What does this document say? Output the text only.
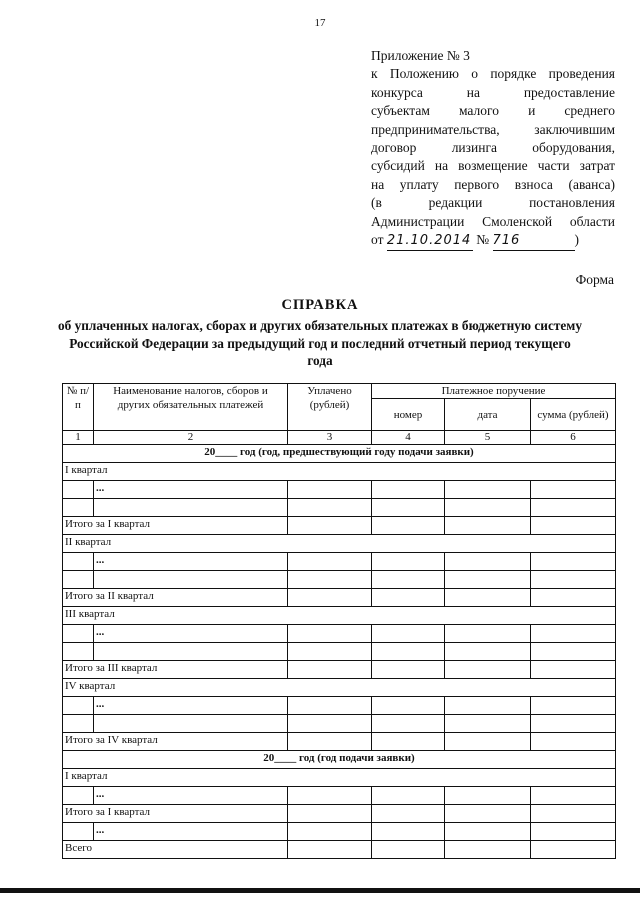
17
Приложение № 3
к Положению о порядке проведения
конкурса на предоставление
субъектам малого и среднего
предпринимательства, заключившим
договор лизинга оборудования,
субсидий на возмещение части затрат
на уплату первого взноса (аванса)
(в редакции постановления
Администрации Смоленской области
от 21.10.2014 № 716	)
Форма
СПРАВКА
об уплаченных налогах, сборах и других обязательных платежах в бюджетную систему Российской Федерации за предыдущий год и последний отчетный период текущего года
№ п/п	Наименование налогов, сборов и других обязательных платежей	Уплачено (рублей)	Платежное поручение		
			номер	дата	сумма (рублей)
1	2	3	4	5	6
20____ год (год, предшествующий году подачи заявки)					
I квартал					
	...				

Итого за I квартал					
II квартал					
	...				

Итого за II квартал					
III квартал					
	...				

Итого за III квартал					
IV квартал					
	...				

Итого за IV квартал					
20____ год (год подачи заявки)					
I квартал					
	...				
Итого за I квартал					
	...				
Всего					
